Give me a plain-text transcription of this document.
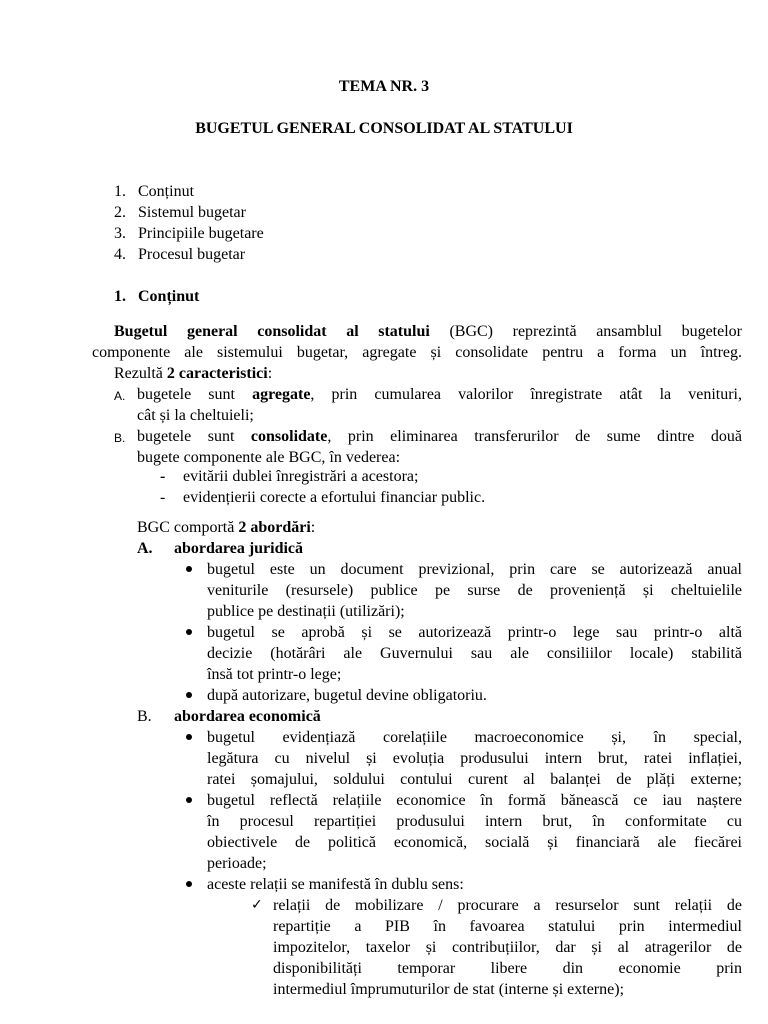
TEMA NR. 3
BUGETUL GENERAL CONSOLIDAT AL STATULUI
1. Conținut
2. Sistemul bugetar
3. Principiile bugetare
4. Procesul bugetar
1. Conținut
Bugetul general consolidat al statului (BGC) reprezintă ansamblul bugetelor
componente ale sistemului bugetar, agregate și consolidate pentru a forma un întreg.
Rezultă 2 caracteristici:
A. bugetele sunt agregate, prin cumularea valorilor înregistrate atât la venituri,
cât și la cheltuieli;
B. bugetele sunt consolidate, prin eliminarea transferurilor de sume dintre două
bugete componente ale BGC, în vederea:
- evitării dublei înregistrări a acestora;
- evidențierii corecte a efortului financiar public.
BGC comportă 2 abordări:
A. abordarea juridică
bugetul este un document previzional, prin care se autorizează anual
veniturile (resursele) publice pe surse de proveniență și cheltuielile
publice pe destinații (utilizări);
bugetul se aprobă și se autorizează printr-o lege sau printr-o altă
decizie (hotărâri ale Guvernului sau ale consiliilor locale) stabilită
însă tot printr-o lege;
după autorizare, bugetul devine obligatoriu.
B. abordarea economică
bugetul evidențiază corelațiile macroeconomice și, în special,
legătura cu nivelul și evoluția produsului intern brut, ratei inflației,
ratei șomajului, soldului contului curent al balanței de plăți externe;
bugetul reflectă relațiile economice în formă bănească ce iau naștere
în procesul repartiției produsului intern brut, în conformitate cu
obiectivele de politică economică, socială și financiară ale fiecărei
perioade;
aceste relații se manifestă în dublu sens:
✓ relații de mobilizare / procurare a resurselor sunt relații de
repartiție a PIB în favoarea statului prin intermediul
impozitelor, taxelor și contribuțiilor, dar și al atragerilor de
disponibilități temporar libere din economie prin
intermediul împrumuturilor de stat (interne și externe);
